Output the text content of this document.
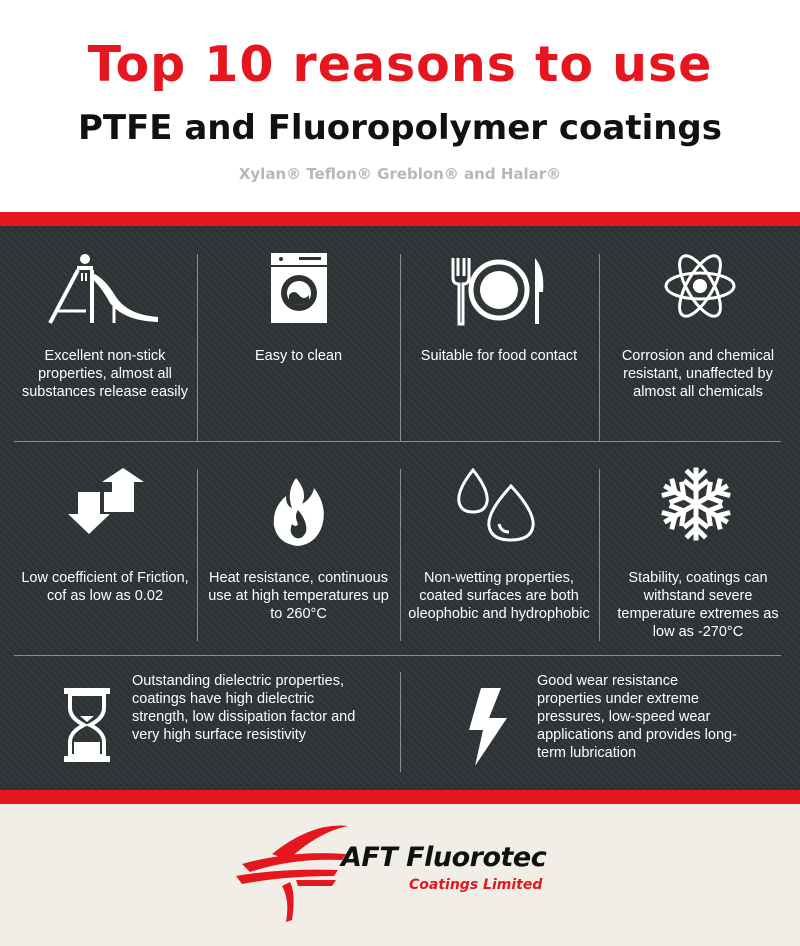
Top 10 reasons to use
PTFE and Fluoropolymer coatings
Xylan® Teflon® Greblon® and Halar®
Excellent non-stick properties, almost all substances release easily
Easy to clean	Suitable for food contact	Corrosion and chemical resistant, unaffected by almost all chemicals
Low coefficient of Friction, cof as low as 0.02
Heat resistance, continuous use at high temperatures up to 260°C
Non-wetting properties, coated surfaces are both oleophobic and hydrophobic
Stability, coatings can withstand severe temperature extremes as low as -270°C
Outstanding dielectric properties, coatings have high dielectric strength, low dissipation factor and very high surface resistivity
Good wear resistance properties under extreme pressures, low-speed wear applications and provides long-term lubrication
AFT Fluorotec
Coatings Limited
